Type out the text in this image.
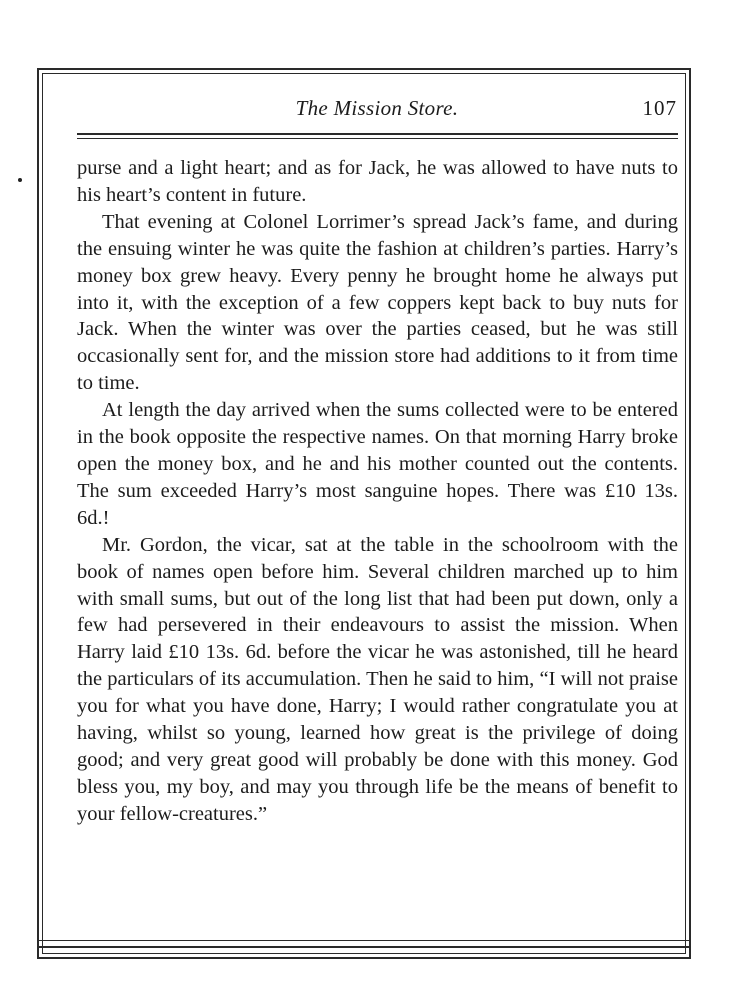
The Mission Store.	107

purse and a light heart; and as for Jack, he was allowed to have nuts to his heart’s content in future.

That evening at Colonel Lorrimer’s spread Jack’s fame, and during the ensuing winter he was quite the fashion at children’s parties. Harry’s money box grew heavy. Every penny he brought home he always put into it, with the exception of a few coppers kept back to buy nuts for Jack. When the winter was over the parties ceased, but he was still occasionally sent for, and the mission store had additions to it from time to time.

At length the day arrived when the sums collected were to be entered in the book opposite the respective names. On that morning Harry broke open the money box, and he and his mother counted out the contents. The sum exceeded Harry’s most sanguine hopes. There was £10 13s. 6d.!

Mr. Gordon, the vicar, sat at the table in the schoolroom with the book of names open before him. Several children marched up to him with small sums, but out of the long list that had been put down, only a few had persevered in their endeavours to assist the mission. When Harry laid £10 13s. 6d. before the vicar he was astonished, till he heard the particulars of its accumulation. Then he said to him, “I will not praise you for what you have done, Harry; I would rather congratulate you at having, whilst so young, learned how great is the privilege of doing good; and very great good will probably be done with this money. God bless you, my boy, and may you through life be the means of benefit to your fellow-creatures.”
